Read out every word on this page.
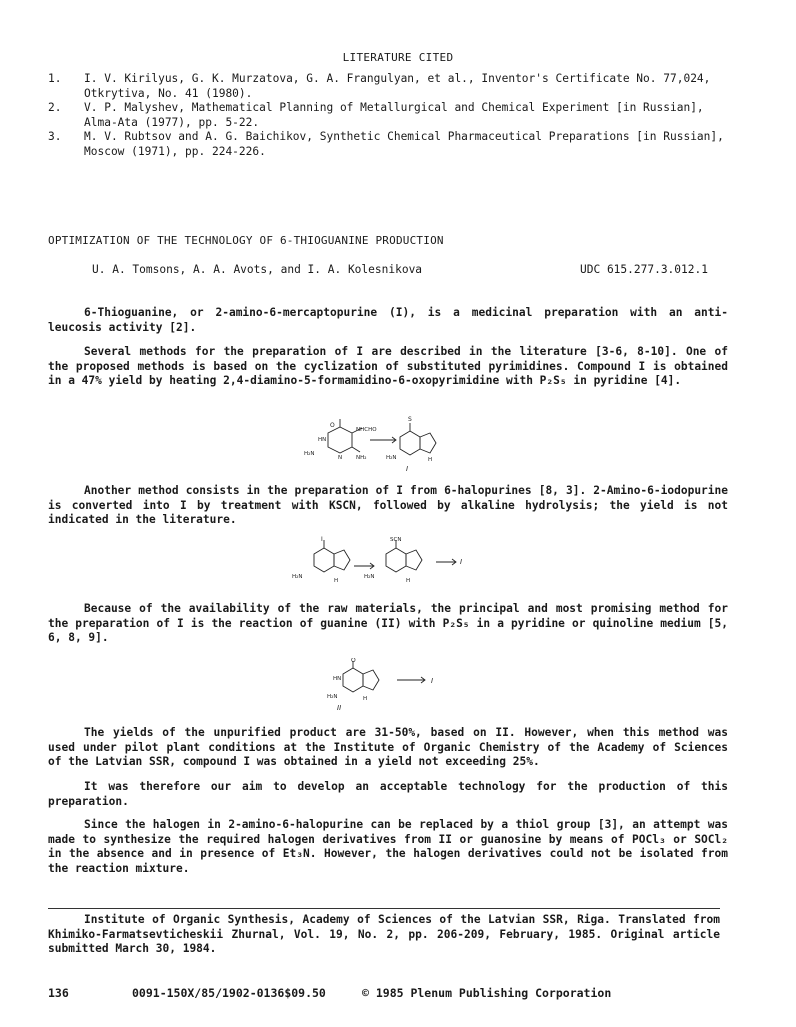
LITERATURE CITED
1. I. V. Kirilyus, G. K. Murzatova, G. A. Frangulyan, et al., Inventor's Certificate No. 77,024, Otkrytiva, No. 41 (1980).
2. V. P. Malyshev, Mathematical Planning of Metallurgical and Chemical Experiment [in Russian], Alma-Ata (1977), pp. 5-22.
3. M. V. Rubtsov and A. G. Baichikov, Synthetic Chemical Pharmaceutical Preparations [in Russian], Moscow (1971), pp. 224-226.
OPTIMIZATION OF THE TECHNOLOGY OF 6-THIOGUANINE PRODUCTION
U. A. Tomsons, A. A. Avots, and I. A. Kolesnikova	UDC 615.277.3.012.1
6-Thioguanine, or 2-amino-6-mercaptopurine (I), is a medicinal preparation with an anti-leucosis activity [2].
Several methods for the preparation of I are described in the literature [3-6, 8-10]. One of the proposed methods is based on the cyclization of substituted pyrimidines. Compound I is obtained in a 47% yield by heating 2,4-diamino-5-formamidino-6-oxopyrimidine with P₂S₅ in pyridine [4].
O
NHCHO
HN
H₂N
N	NH₂
S
H₂N	H
I
Another method consists in the preparation of I from 6-halopurines [8, 3]. 2-Amino-6-iodopurine is converted into I by treatment with KSCN, followed by alkaline hydrolysis; the yield is not indicated in the literature.
I
H₂N
H
SCN
H₂N
H
I
Because of the availability of the raw materials, the principal and most promising method for the preparation of I is the reaction of guanine (II) with P₂S₅ in a pyridine or quinoline medium [5, 6, 8, 9].
O
HN
H₂N	H
II
I
The yields of the unpurified product are 31-50%, based on II. However, when this method was used under pilot plant conditions at the Institute of Organic Chemistry of the Academy of Sciences of the Latvian SSR, compound I was obtained in a yield not exceeding 25%.
It was therefore our aim to develop an acceptable technology for the production of this preparation.
Since the halogen in 2-amino-6-halopurine can be replaced by a thiol group [3], an attempt was made to synthesize the required halogen derivatives from II or guanosine by means of POCl₃ or SOCl₂ in the absence and in presence of Et₃N. However, the halogen derivatives could not be isolated from the reaction mixture.
Institute of Organic Synthesis, Academy of Sciences of the Latvian SSR, Riga. Translated from Khimiko-Farmatsevticheskii Zhurnal, Vol. 19, No. 2, pp. 206-209, February, 1985. Original article submitted March 30, 1984.
136	0091-150X/85/1902-0136$09.50	© 1985 Plenum Publishing Corporation
